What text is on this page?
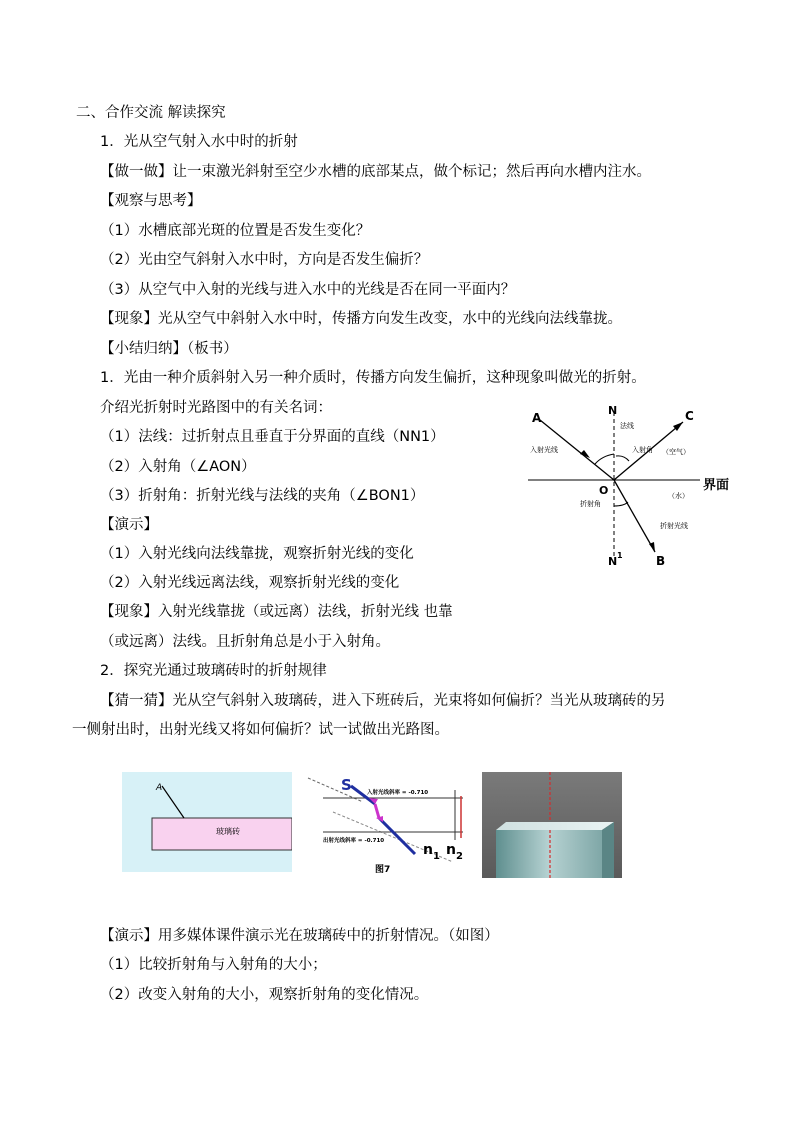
二、合作交流 解读探究
1．光从空气射入水中时的折射
【做一做】让一束激光斜射至空少水槽的底部某点，做个标记；然后再向水槽内注水。
【观察与思考】
（1）水槽底部光斑的位置是否发生变化？
（2）光由空气斜射入水中时，方向是否发生偏折？
（3）从空气中入射的光线与进入水中的光线是否在同一平面内？
【现象】光从空气中斜射入水中时，传播方向发生改变，水中的光线向法线靠拢。
【小结归纳】（板书）
1．光由一种介质斜射入另一种介质时，传播方向发生偏折，这种现象叫做光的折射。
介绍光折射时光路图中的有关名词：
（1）法线：过折射点且垂直于分界面的直线（NN1）
（2）入射角（∠AON）
（3）折射角：折射光线与法线的夹角（∠BON1）
【演示】
（1）入射光线向法线靠拢，观察折射光线的变化
（2）入射光线远离法线，观察折射光线的变化
【现象】入射光线靠拢（或远离）法线，折射光线 也靠
（或远离）法线。且折射角总是小于入射角。
2．探究光通过玻璃砖时的折射规律
【猜一猜】光从空气斜射入玻璃砖，进入下班砖后，光束将如何偏折？当光从玻璃砖的另
一侧射出时，出射光线又将如何偏折？试一试做出光路图。
【演示】用多媒体课件演示光在玻璃砖中的折射情况。（如图）
（1）比较折射角与入射角的大小；
（2）改变入射角的大小，观察折射角的变化情况。
A
N	C
O
N 1	B
界面
法线
入射光线	入射角 （空气）
（水）
折射角
折射光线
A
玻璃砖
S	入射光线斜率 = -0.710
出射光线斜率 = -0.710
n 1 n 2
图7
